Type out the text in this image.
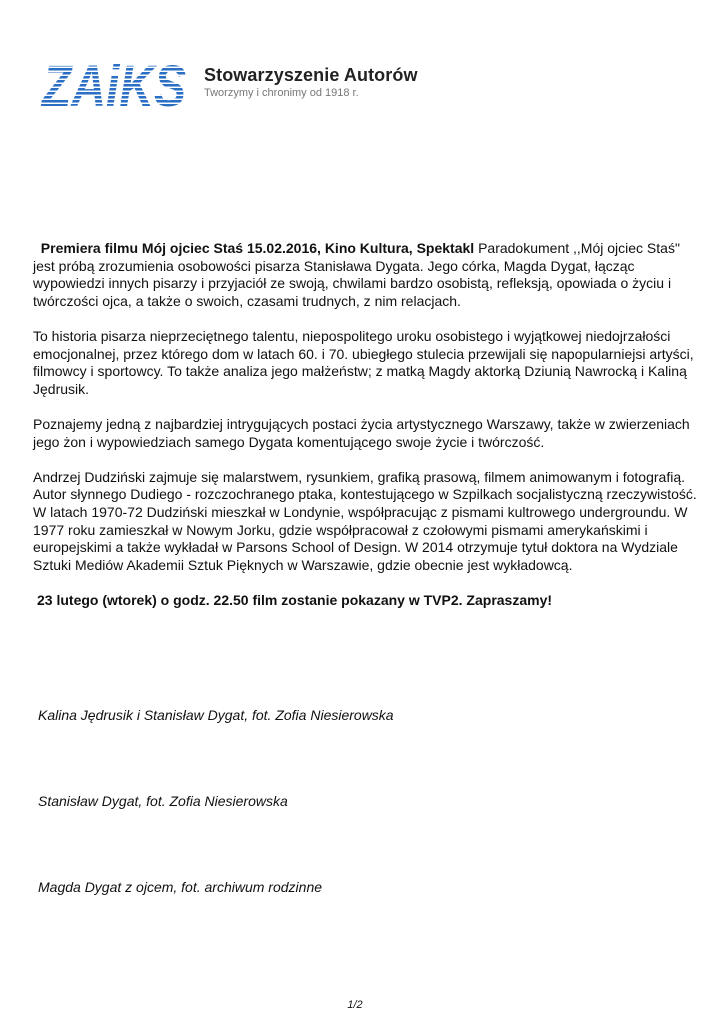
ZAiKS Stowarzyszenie Autorów
Tworzymy i chronimy od 1918 r.

Premiera filmu Mój ojciec Staś 15.02.2016, Kino Kultura, Spektakl Paradokument ,,Mój ojciec Staś" jest próbą zrozumienia osobowości pisarza Stanisława Dygata. Jego córka, Magda Dygat, łącząc wypowiedzi innych pisarzy i przyjaciół ze swoją, chwilami bardzo osobistą, refleksją, opowiada o życiu i twórczości ojca, a także o swoich, czasami trudnych, z nim relacjach.

To historia pisarza nieprzeciętnego talentu, niepospolitego uroku osobistego i wyjątkowej niedojrzałości emocjonalnej, przez którego dom w latach 60. i 70. ubiegłego stulecia przewijali się napopularniejsi artyści, filmowcy i sportowcy. To także analiza jego małżeństw; z matką Magdy aktorką Dziunią Nawrocką i Kaliną Jędrusik.

Poznajemy jedną z najbardziej intrygujących postaci życia artystycznego Warszawy, także w zwierzeniach jego żon i wypowiedziach samego Dygata komentującego swoje życie i twórczość.

Andrzej Dudziński zajmuje się malarstwem, rysunkiem, grafiką prasową, filmem animowanym i fotografią. Autor słynnego Dudiego - rozczochranego ptaka, kontestującego w Szpilkach socjalistyczną rzeczywistość. W latach 1970-72 Dudziński mieszkał w Londynie, współpracując z pismami kultrowego undergroundu. W 1977 roku zamieszkał w Nowym Jorku, gdzie współpracował z czołowymi pismami amerykańskimi i europejskimi a także wykładał w Parsons School of Design. W 2014 otrzymuje tytuł doktora na Wydziale Sztuki Mediów Akademii Sztuk Pięknych w Warszawie, gdzie obecnie jest wykładowcą.

23 lutego (wtorek) o godz. 22.50 film zostanie pokazany w TVP2. Zapraszamy!

Kalina Jędrusik i Stanisław Dygat, fot. Zofia Niesierowska
Stanisław Dygat, fot. Zofia Niesierowska
Magda Dygat z ojcem, fot. archiwum rodzinne
1/2
